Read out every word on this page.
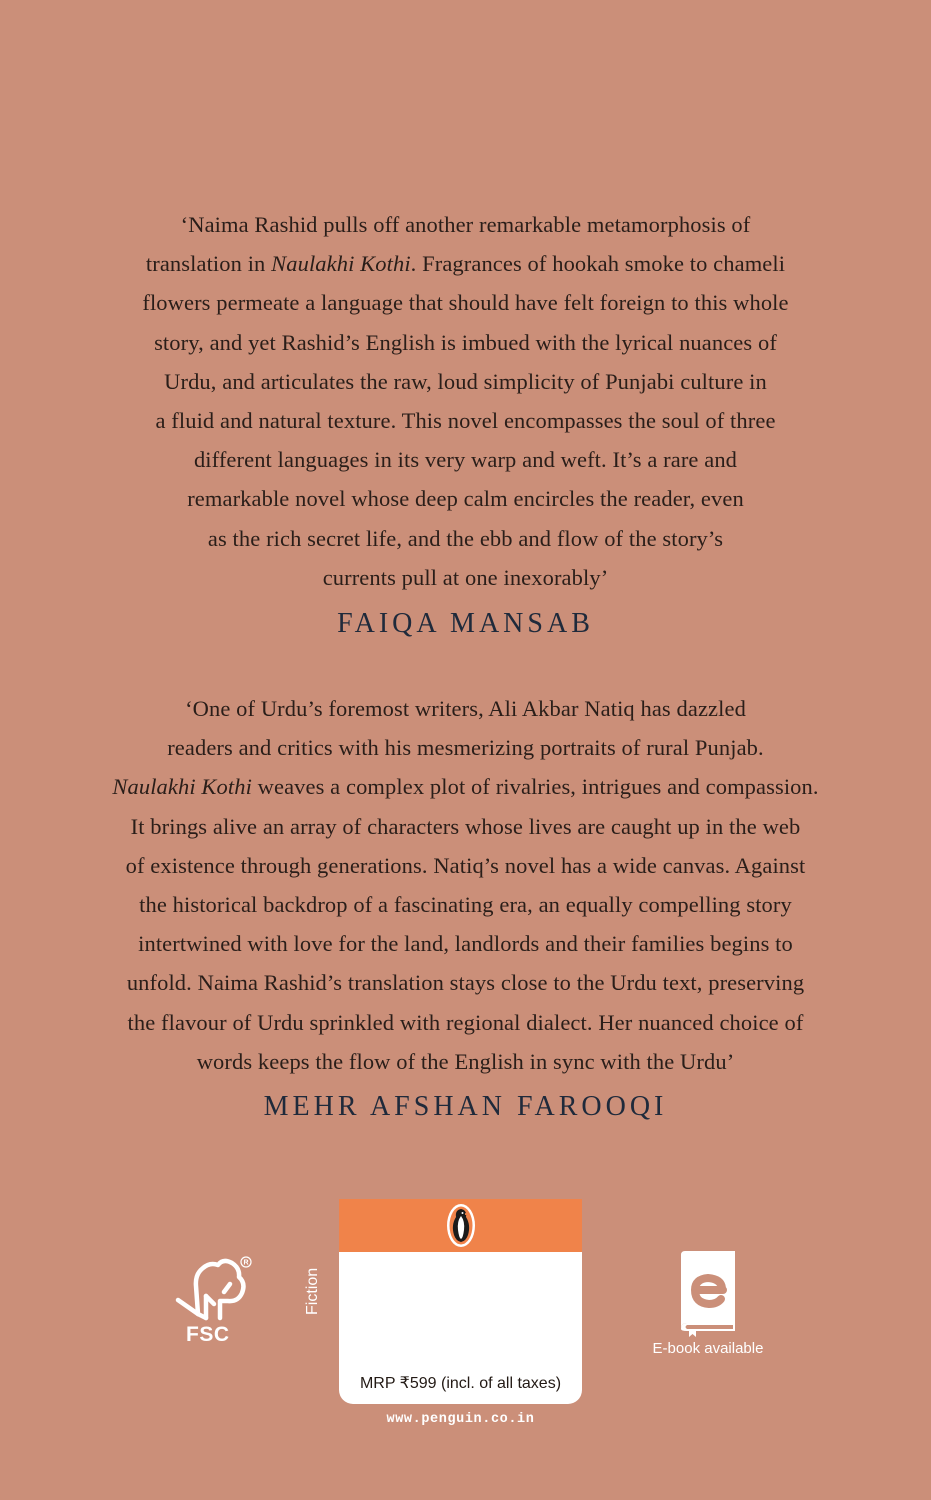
‘Naima Rashid pulls off another remarkable metamorphosis of
translation in Naulakhi Kothi. Fragrances of hookah smoke to chameli
flowers permeate a language that should have felt foreign to this whole
story, and yet Rashid’s English is imbued with the lyrical nuances of
Urdu, and articulates the raw, loud simplicity of Punjabi culture in
a fluid and natural texture. This novel encompasses the soul of three
different languages in its very warp and weft. It’s a rare and
remarkable novel whose deep calm encircles the reader, even
as the rich secret life, and the ebb and flow of the story’s
currents pull at one inexorably’
FAIQA MANSAB
‘One of Urdu’s foremost writers, Ali Akbar Natiq has dazzled
readers and critics with his mesmerizing portraits of rural Punjab.
Naulakhi Kothi weaves a complex plot of rivalries, intrigues and compassion.
It brings alive an array of characters whose lives are caught up in the web
of existence through generations. Natiq’s novel has a wide canvas. Against
the historical backdrop of a fascinating era, an equally compelling story
intertwined with love for the land, landlords and their families begins to
unfold. Naima Rashid’s translation stays close to the Urdu text, preserving
the flavour of Urdu sprinkled with regional dialect. Her nuanced choice of
words keeps the flow of the English in sync with the Urdu’
MEHR AFSHAN FAROOQI
R
FSC
Fiction
MRP ₹599 (incl. of all taxes)
www.penguin.co.in
E-book available
